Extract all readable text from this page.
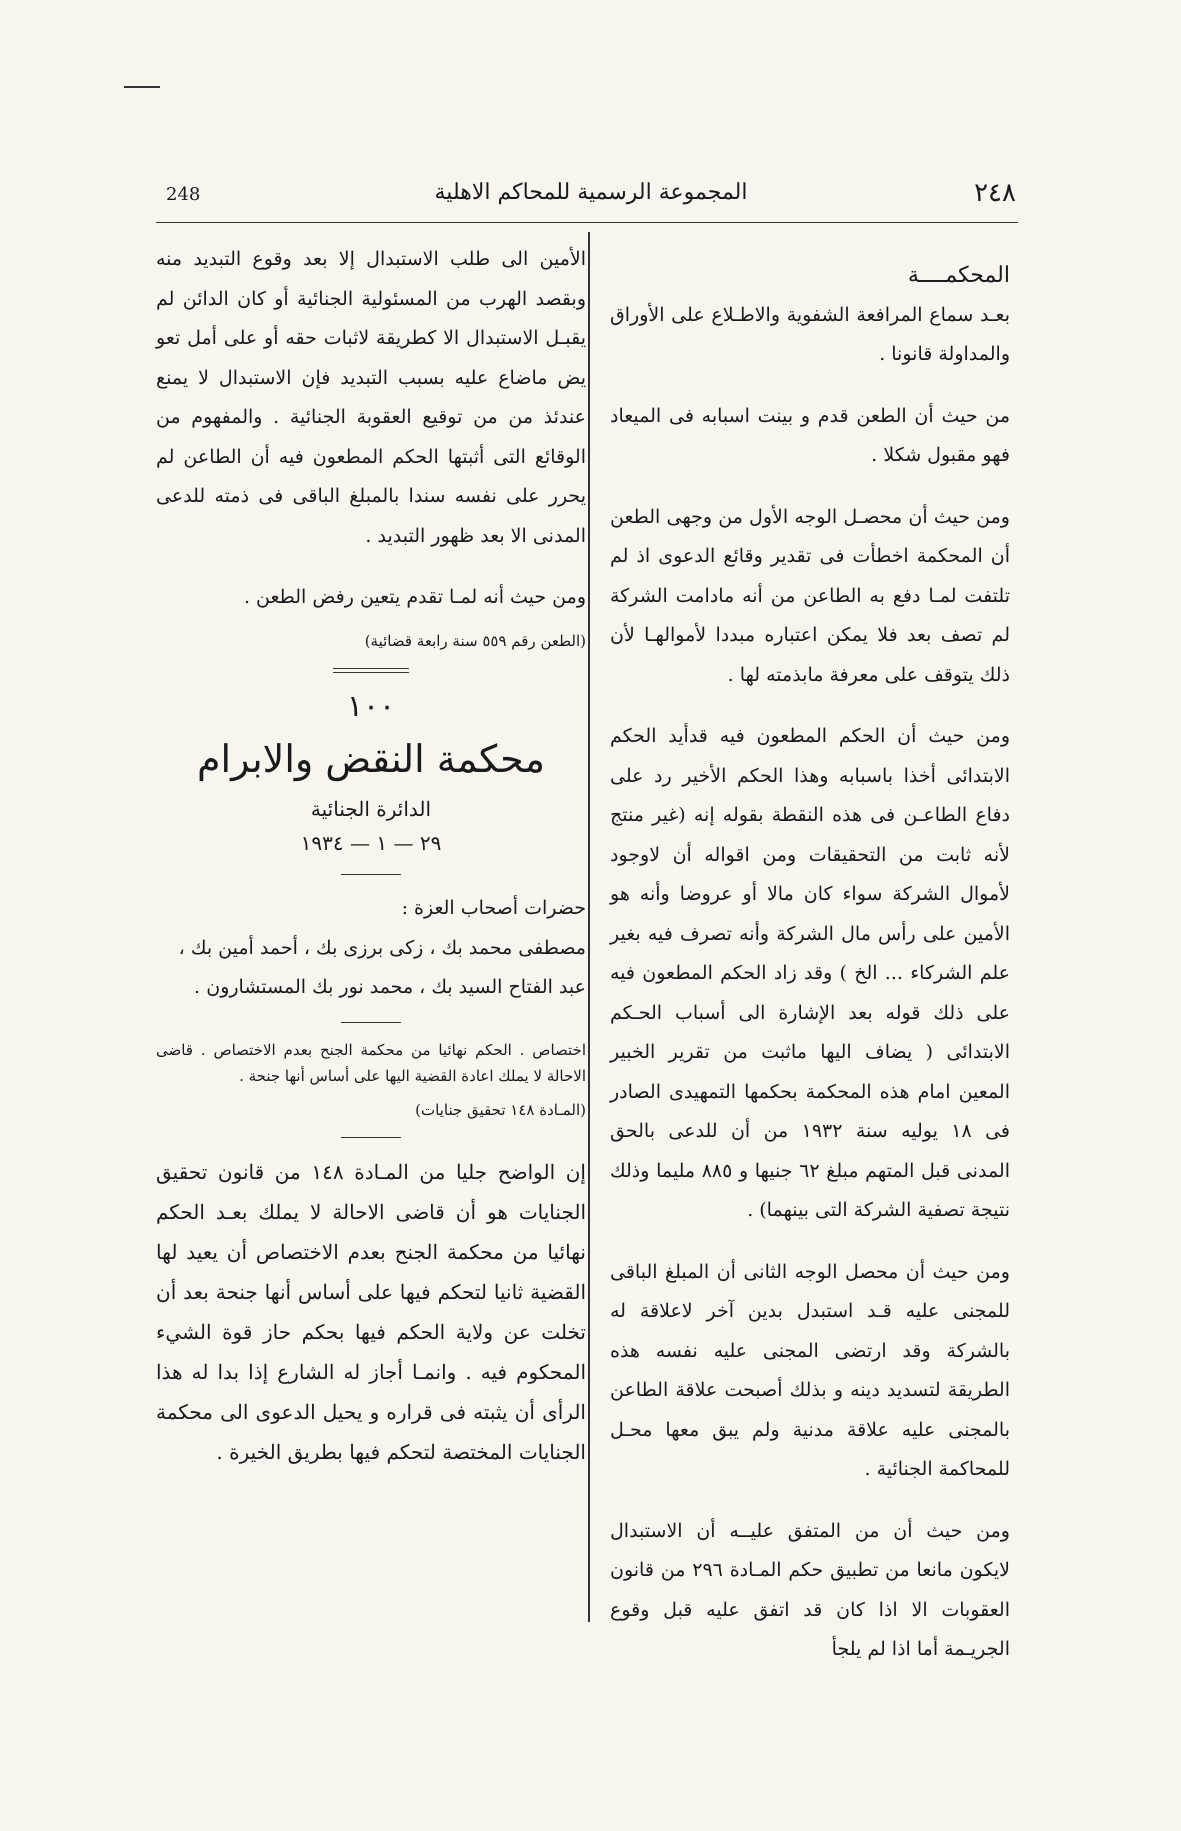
248	المجموعة الرسمية للمحاكم الاهلية	٢٤٨

المحكمــــة

بعـد سماع المرافعة الشفوية والاطـلاع على الأوراق والمداولة قانونا .

من حيث أن الطعن قدم و بينت اسبابه فى الميعاد فهو مقبول شكلا .

ومن حيث أن محصـل الوجه الأول من وجهى الطعن أن المحكمة اخطأت فى تقدير وقائع الدعوى اذ لم تلتفت لمـا دفع به الطاعن من أنه مادامت الشركة لم تصف بعد فلا يمكن اعتباره مبددا لأموالهـا لأن ذلك يتوقف على معرفة مابذمته لها .

ومن حيث أن الحكم المطعون فيه قدأيد الحكم الابتدائى أخذا باسبابه وهذا الحكم الأخير رد على دفاع الطاعـن فى هذه النقطة بقوله إنه (غير منتج لأنه ثابت من التحقيقات ومن اقواله أن لاوجود لأموال الشركة سواء كان مالا أو عروضا وأنه هو الأمين على رأس مال الشركة وأنه تصرف فيه بغير علم الشركاء ... الخ ) وقد زاد الحكم المطعون فيه على ذلك قوله بعد الإشارة الى أسباب الحـكم الابتدائى ( يضاف اليها ماثبت من تقرير الخبير المعين امام هذه المحكمة بحكمها التمهيدى الصادر فى ١٨ يوليه سنة ١٩٣٢ من أن للدعى بالحق المدنى قبل المتهم مبلغ ٦٢ جنيها و ٨٨٥ مليما وذلك نتيجة تصفية الشركة التى بينهما) .

ومن حيث أن محصل الوجه الثانى أن المبلغ الباقى للمجنى عليه قـد استبدل بدين آخر لاعلاقة له بالشركة وقد ارتضى المجنى عليه نفسه هذه الطريقة لتسديد دينه و بذلك أصبحت علاقة الطاعن بالمجنى عليه علاقة مدنية ولم يبق معها محـل للمحاكمة الجنائية .

ومن حيث أن من المتفق عليــه أن الاستبدال لايكون مانعا من تطبيق حكم المـادة ٢٩٦ من قانون العقوبات الا اذا كان قد اتفق عليه قبل وقوع الجريـمة أما اذا لم يلجأ

الأمين الى طلب الاستبدال إلا بعد وقوع التبديد منه وبقصد الهرب من المسئولية الجنائية أو كان الدائن لم يقبـل الاستبدال الا كطريقة لاثبات حقه أو على أمل تعو يض ماضاع عليه بسبب التبديد فإن الاستبدال لا يمنع عندئذ من من توقيع العقوبة الجنائية . والمفهوم من الوقائع التى أثبتها الحكم المطعون فيه أن الطاعن لم يحرر على نفسه سندا بالمبلغ الباقى فى ذمته للدعى المدنى الا بعد ظهور التبديد .

ومن حيث أنه لمـا تقدم يتعين رفض الطعن .

(الطعن رقم ٥٥٩ سنة رابعة قضائية)

١٠٠
محكمة النقض والابرام
الدائرة الجنائية
٢٩ — ١ — ١٩٣٤

حضرات أصحاب العزة :

مصطفى محمد بك ، زكى برزى بك ، أحمد أمين بك ،

عبد الفتاح السيد بك ، محمد نور بك المستشارون .

اختصاص . الحكم نهائيا من محكمة الجنح بعدم الاختصاص . قاضى الاحالة لا يملك اعادة القضية اليها على أساس أنها جنحة .

(المـادة ١٤٨ تحقيق جنايات)

إن الواضح جليا من المـادة ١٤٨ من قانون تحقيق الجنايات هو أن قاضى الاحالة لا يملك بعـد الحكم نهائيا من محكمة الجنح بعدم الاختصاص أن يعيد لها القضية ثانيا لتحكم فيها على أساس أنها جنحة بعد أن تخلت عن ولاية الحكم فيها بحكم حاز قوة الشيء المحكوم فيه . وانمـا أجاز له الشارع إذا بدا له هذا الرأى أن يثبته فى قراره و يحيل الدعوى الى محكمة الجنايات المختصة لتحكم فيها بطريق الخيرة .
